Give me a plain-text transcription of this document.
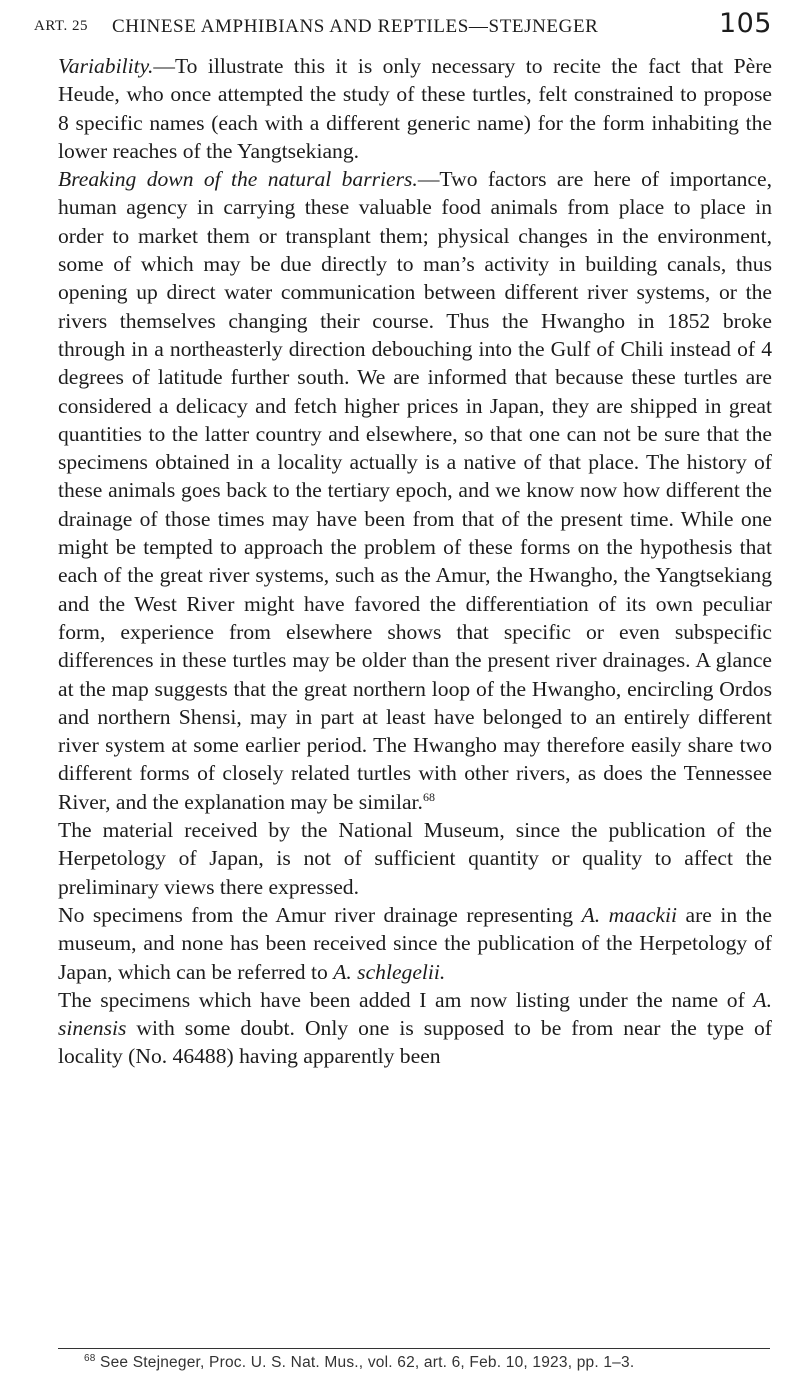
ART. 25 CHINESE AMPHIBIANS AND REPTILES—STEJNEGER	105

Variability.—To illustrate this it is only necessary to recite the fact that Père Heude, who once attempted the study of these turtles, felt constrained to propose 8 specific names (each with a different generic name) for the form inhabiting the lower reaches of the Yangtsekiang.

Breaking down of the natural barriers.—Two factors are here of importance, human agency in carrying these valuable food animals from place to place in order to market them or transplant them; physical changes in the environment, some of which may be due directly to man’s activity in building canals, thus opening up direct water communication between different river systems, or the rivers themselves changing their course. Thus the Hwangho in 1852 broke through in a northeasterly direction debouching into the Gulf of Chili instead of 4 degrees of latitude further south. We are informed that because these turtles are considered a delicacy and fetch higher prices in Japan, they are shipped in great quantities to the latter country and elsewhere, so that one can not be sure that the specimens obtained in a locality actually is a native of that place. The history of these animals goes back to the tertiary epoch, and we know now how different the drainage of those times may have been from that of the present time. While one might be tempted to approach the problem of these forms on the hypothesis that each of the great river systems, such as the Amur, the Hwangho, the Yangtsekiang and the West River might have favored the differentiation of its own peculiar form, experience from elsewhere shows that specific or even subspecific differences in these turtles may be older than the present river drainages. A glance at the map suggests that the great northern loop of the Hwangho, encircling Ordos and northern Shensi, may in part at least have belonged to an entirely different river system at some earlier period. The Hwangho may therefore easily share two different forms of closely related turtles with other rivers, as does the Tennessee River, and the explanation may be similar.$^{68}$

The material received by the National Museum, since the publication of the Herpetology of Japan, is not of sufficient quantity or quality to affect the preliminary views there expressed.

No specimens from the Amur river drainage representing A. maackii are in the museum, and none has been received since the publication of the Herpetology of Japan, which can be referred to A. schlegelii.

The specimens which have been added I am now listing under the name of A. sinensis with some doubt. Only one is supposed to be from near the type of locality (No. 46488) having apparently been

$^{68}$ See Stejneger, Proc. U. S. Nat. Mus., vol. 62, art. 6, Feb. 10, 1923, pp. 1–3.
